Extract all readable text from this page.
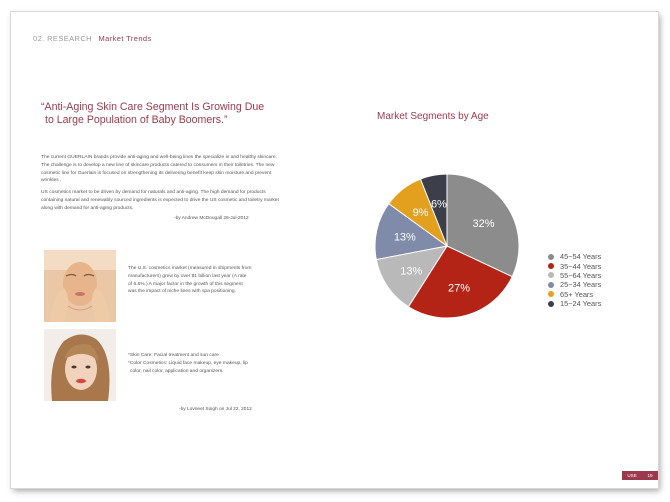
02. RESEARCH Market Trends
“Anti-Aging Skin Care Segment Is Growing Due
to Large Population of Baby Boomers.”

The current GUERLAIN brands provide anti-aging and well-being lines the specialize in and healthy skincare. The challenge is to develop a new line of skincare products catered to consumers in their toiletries. The new cosmetic line for Guerlain is focused on strengthening its delivering benefit keep skin moisture and prevent wrinkles .

US cosmetics market to be driven by demand for naturals and anti-aging. The high demand for products containing natural and renewably sourced ingredients is expected to drive the US cosmetic and toiletry market along with demand for anti-aging products.

-by Andrew McDougall 26-Jul-2012
The U.S. cosmetics market (measured in shipments from
manufacturers) grew by over $1 billion last year (A rate
of 6.6%.) A major factor in the growth of this segment
was the impact of niche lines with spa positioning.
*Skin Care: Facial treatment and sun care
*Color Cosmetics: Liquid face makeup, eye makeup, lip
color, nail color, application and organizers.
-by Lovneet Singh on Jul 22, 2012
Market Segments by Age
32%
27%
13%
13%
9%
6%
45~54 Years
35~44 Years
55~64 Years
25~34 Years
65+ Years
15~24 Years
USE 19
